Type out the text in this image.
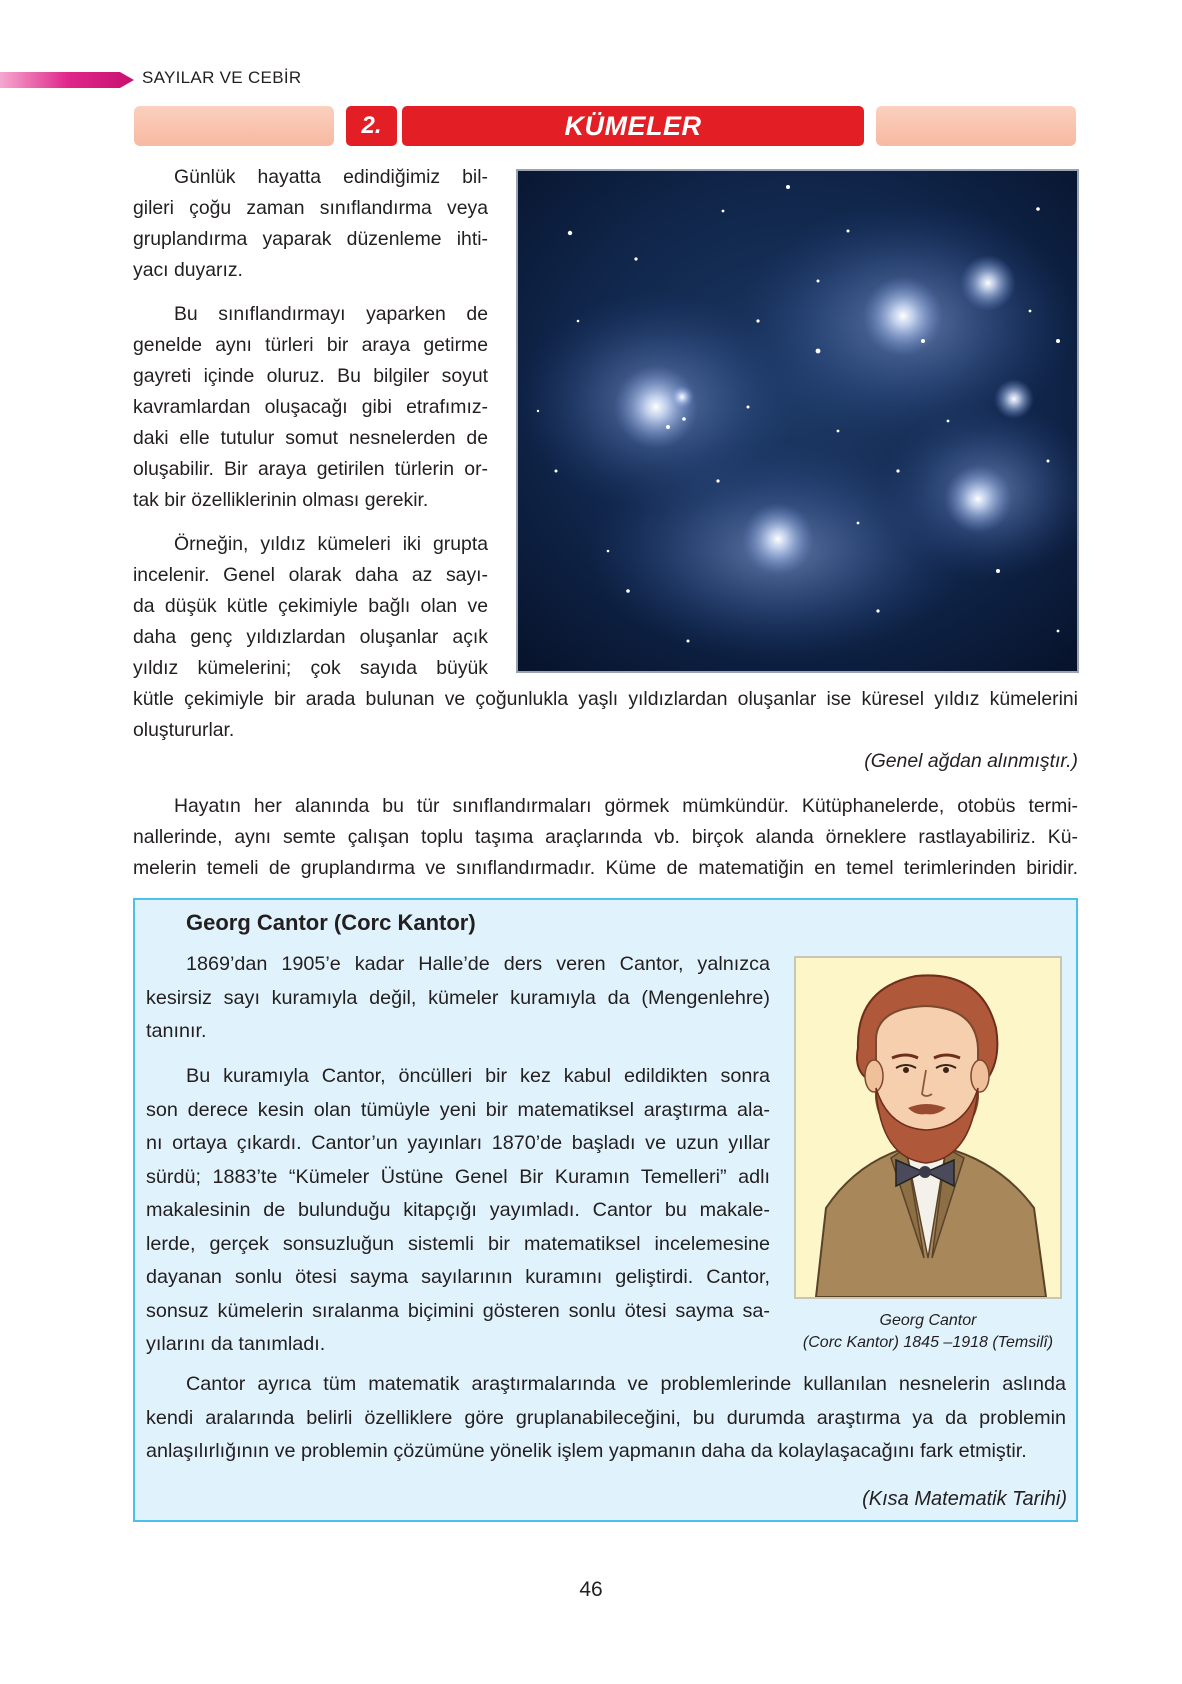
SAYILAR VE CEBİR
2.	KÜMELER
Günlük hayatta edindiğimiz bil-
gileri çoğu zaman sınıflandırma veya
gruplandırma yaparak düzenleme ihti-
yacı duyarız.
Bu sınıflandırmayı yaparken de
genelde aynı türleri bir araya getirme
gayreti içinde oluruz. Bu bilgiler soyut
kavramlardan oluşacağı gibi etrafımız-
daki elle tutulur somut nesnelerden de
oluşabilir. Bir araya getirilen türlerin or-
tak bir özelliklerinin olması gerekir.
Örneğin, yıldız kümeleri iki grupta
incelenir. Genel olarak daha az sayı-
da düşük kütle çekimiyle bağlı olan ve
daha genç yıldızlardan oluşanlar açık
yıldız kümelerini; çok sayıda büyük
kütle çekimiyle bir arada bulunan ve çoğunlukla yaşlı yıldızlardan oluşanlar ise küresel yıldız kümelerini
oluştururlar.
(Genel ağdan alınmıştır.)
Hayatın her alanında bu tür sınıflandırmaları görmek mümkündür. Kütüphanelerde, otobüs termi-
nallerinde, aynı semte çalışan toplu taşıma araçlarında vb. birçok alanda örneklere rastlayabiliriz. Kü-
melerin temeli de gruplandırma ve sınıflandırmadır. Küme de matematiğin en temel terimlerinden biridir.
Georg Cantor (Corc Kantor)
1869’dan 1905’e kadar Halle’de ders veren Cantor, yalnızca
kesirsiz sayı kuramıyla değil, kümeler kuramıyla da (Mengenlehre)
tanınır.
Bu kuramıyla Cantor, öncülleri bir kez kabul edildikten sonra
son derece kesin olan tümüyle yeni bir matematiksel araştırma ala-
nı ortaya çıkardı. Cantor’un yayınları 1870’de başladı ve uzun yıllar
sürdü; 1883’te “Kümeler Üstüne Genel Bir Kuramın Temelleri” adlı
makalesinin de bulunduğu kitapçığı yayımladı. Cantor bu makale-
lerde, gerçek sonsuzluğun sistemli bir matematiksel incelemesine
dayanan sonlu ötesi sayma sayılarının kuramını geliştirdi. Cantor,
sonsuz kümelerin sıralanma biçimini gösteren sonlu ötesi sayma sa-
yılarını da tanımladı.
Georg Cantor
(Corc Kantor) 1845 –1918 (Temsilî)
Cantor ayrıca tüm matematik araştırmalarında ve problemlerinde kullanılan nesnelerin aslında
kendi aralarında belirli özelliklere göre gruplanabileceğini, bu durumda araştırma ya da problemin
anlaşılırlığının ve problemin çözümüne yönelik işlem yapmanın daha da kolaylaşacağını fark etmiştir.
(Kısa Matematik Tarihi)
46
